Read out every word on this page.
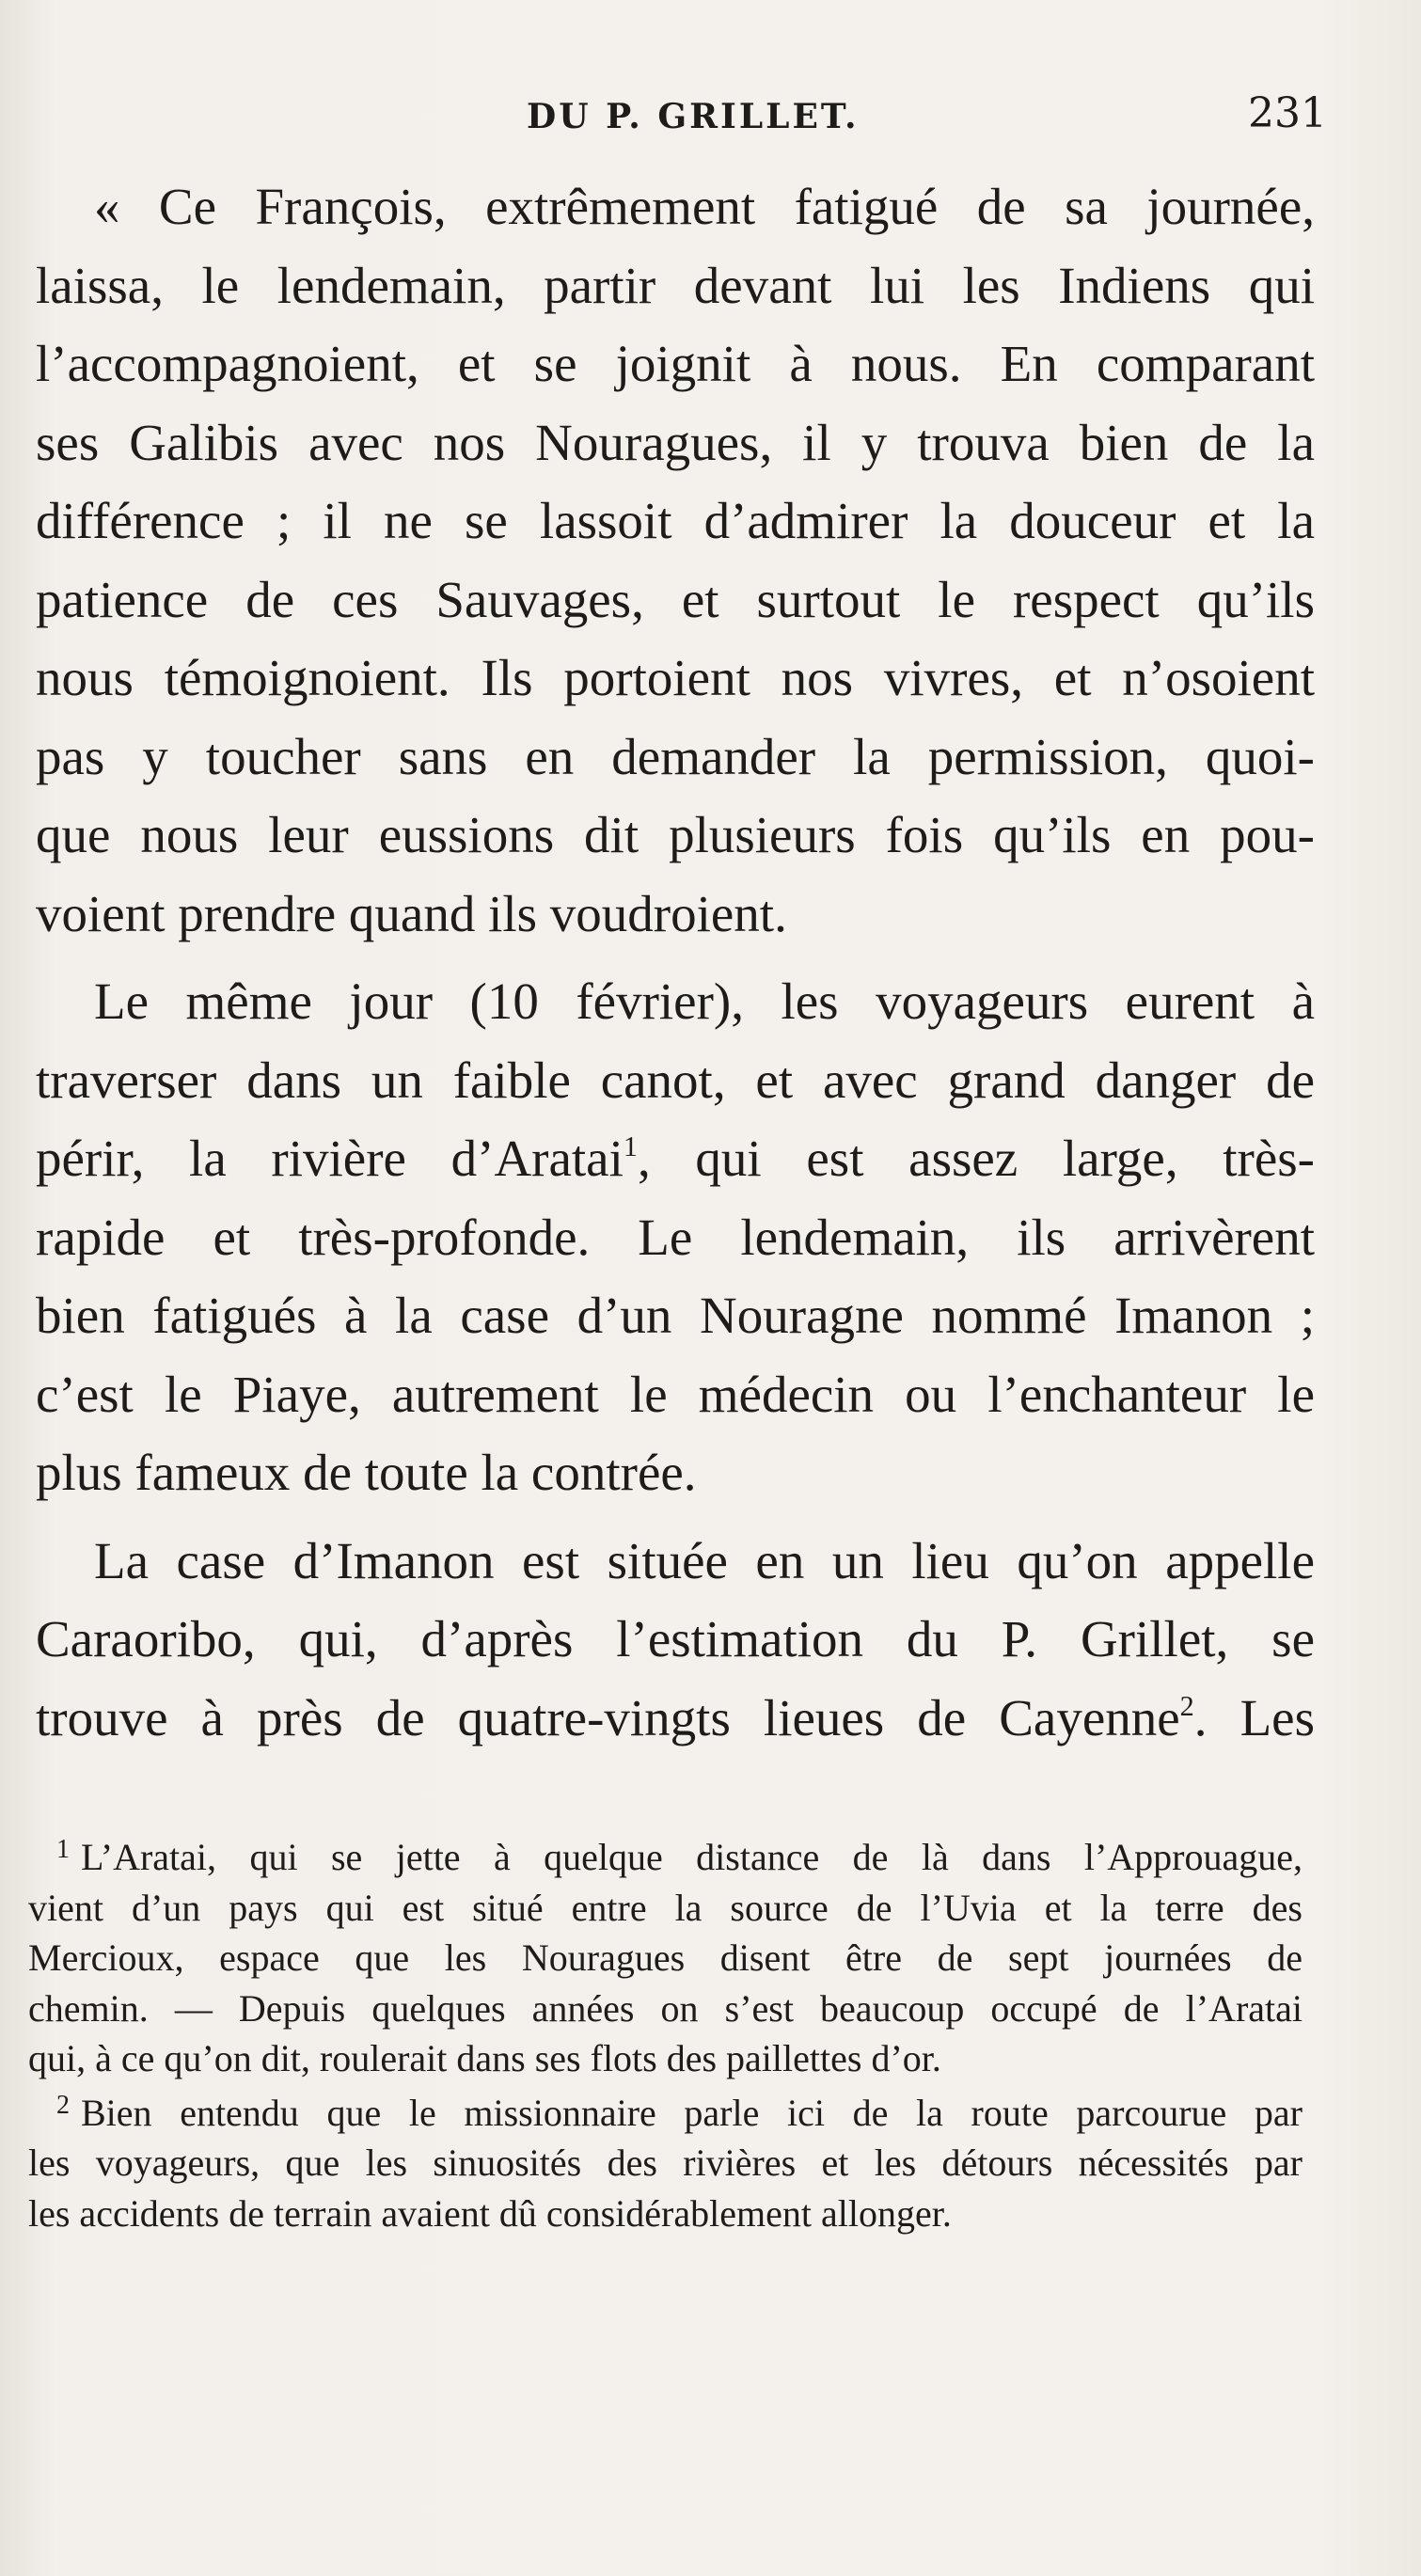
DU P. GRILLET.	231
« Ce François, extrêmement fatigué de sa journée,
laissa, le lendemain, partir devant lui les Indiens qui
l’accompagnoient, et se joignit à nous. En comparant
ses Galibis avec nos Nouragues, il y trouva bien de la
différence ; il ne se lassoit d’admirer la douceur et la
patience de ces Sauvages, et surtout le respect qu’ils
nous témoignoient. Ils portoient nos vivres, et n’osoient
pas y toucher sans en demander la permission, quoi-
que nous leur eussions dit plusieurs fois qu’ils en pou-
voient prendre quand ils voudroient.
Le même jour (10 février), les voyageurs eurent à
traverser dans un faible canot, et avec grand danger de
périr, la rivière d’Aratai$^1$, qui est assez large, très-
rapide et très-profonde. Le lendemain, ils arrivèrent
bien fatigués à la case d’un Nouragne nommé Imanon ;
c’est le Piaye, autrement le médecin ou l’enchanteur le
plus fameux de toute la contrée.
La case d’Imanon est située en un lieu qu’on appelle
Caraoribo, qui, d’après l’estimation du P. Grillet, se
trouve à près de quatre-vingts lieues de Cayenne$^2$. Les
$^1$ L’Aratai, qui se jette à quelque distance de là dans l’Approuague,
vient d’un pays qui est situé entre la source de l’Uvia et la terre des
Mercioux, espace que les Nouragues disent être de sept journées de
chemin. — Depuis quelques années on s’est beaucoup occupé de l’Aratai
qui, à ce qu’on dit, roulerait dans ses flots des paillettes d’or.
$^2$ Bien entendu que le missionnaire parle ici de la route parcourue par
les voyageurs, que les sinuosités des rivières et les détours nécessités par
les accidents de terrain avaient dû considérablement allonger.
